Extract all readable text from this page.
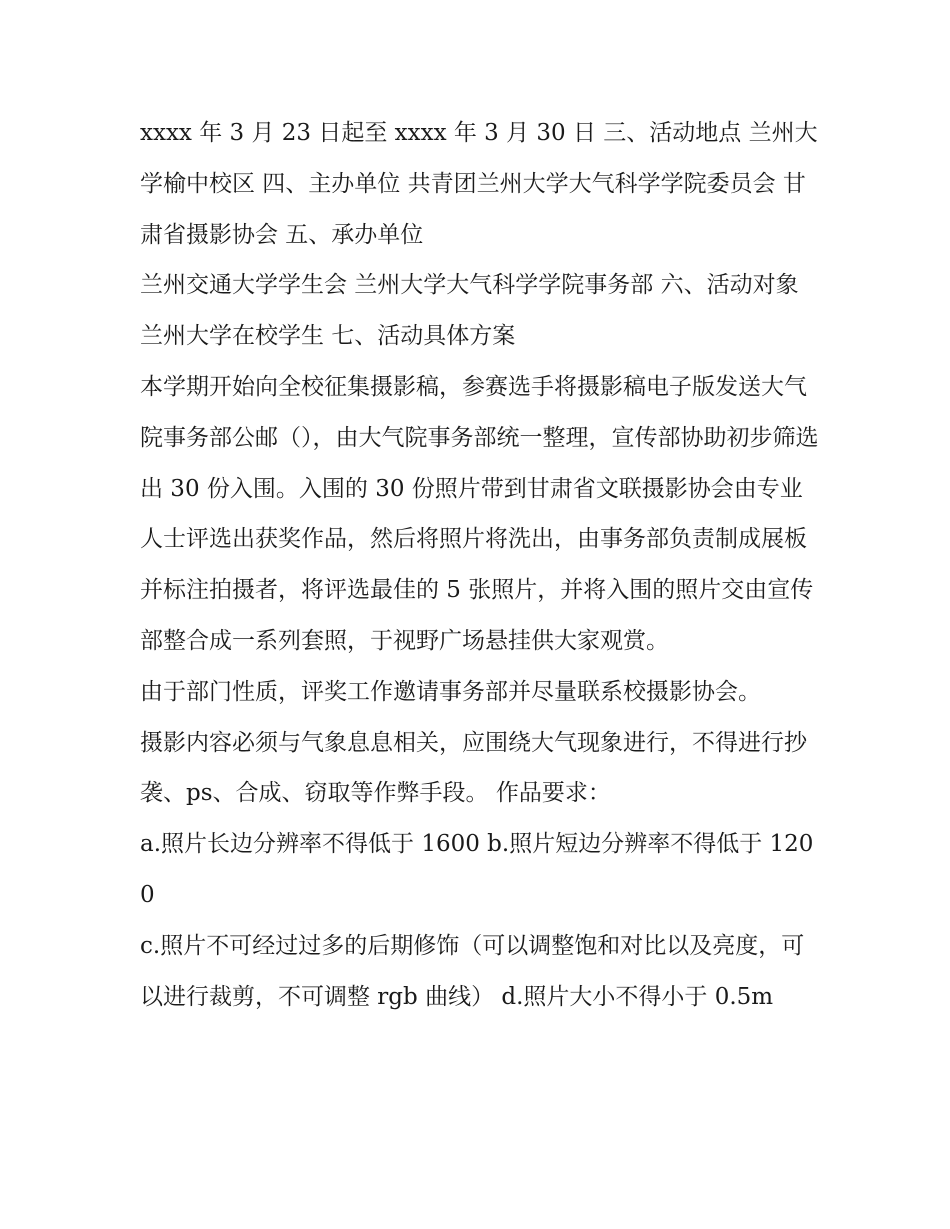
xxxx 年 3 月 23 日起至 xxxx 年 3 月 30 日 三、活动地点 兰州大学榆中校区 四、主办单位 共青团兰州大学大气科学学院委员会 甘肃省摄影协会 五、承办单位

兰州交通大学学生会 兰州大学大气科学学院事务部 六、活动对象 兰州大学在校学生 七、活动具体方案

本学期开始向全校征集摄影稿，参赛选手将摄影稿电子版发送大气院事务部公邮（），由大气院事务部统一整理，宣传部协助初步筛选出 30 份入围。入围的 30 份照片带到甘肃省文联摄影协会由专业人士评选出获奖作品，然后将照片将洗出，由事务部负责制成展板并标注拍摄者，将评选最佳的 5 张照片，并将入围的照片交由宣传部整合成一系列套照，于视野广场悬挂供大家观赏。

由于部门性质，评奖工作邀请事务部并尽量联系校摄影协会。

摄影内容必须与气象息息相关，应围绕大气现象进行，不得进行抄袭、ps、合成、窃取等作弊手段。 作品要求：

a.照片长边分辨率不得低于 1600 b.照片短边分辨率不得低于 1200

c.照片不可经过过多的后期修饰（可以调整饱和对比以及亮度，可以进行裁剪，不可调整 rgb 曲线） d.照片大小不得小于 0.5m
